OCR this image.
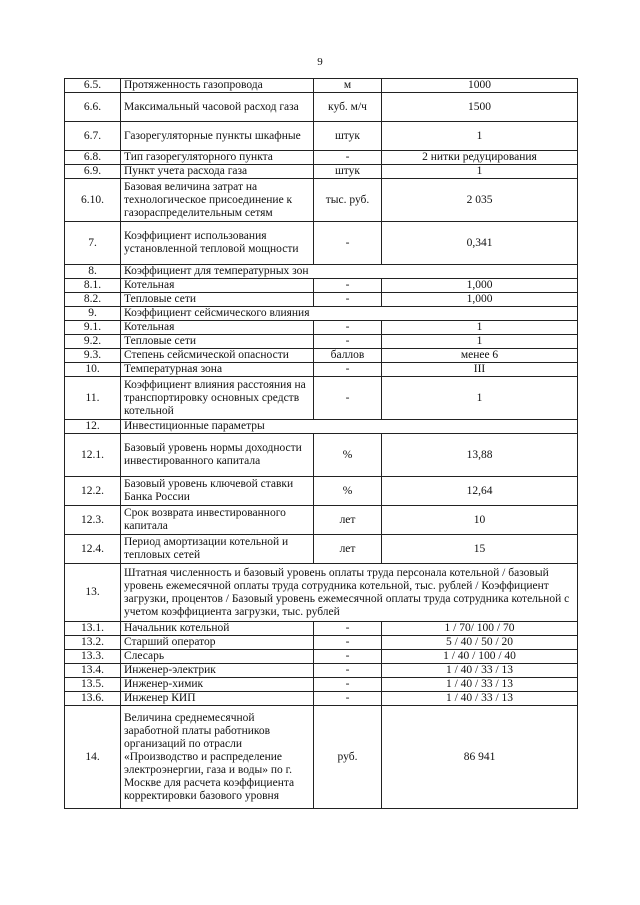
9
6.5.	Протяженность газопровода	м	1000
6.6.	Максимальный часовой расход газа	куб. м/ч	1500
6.7.	Газорегуляторные пункты шкафные	штук	1
6.8.	Тип газорегуляторного пункта	-	2 нитки редуцирования
6.9.	Пункт учета расхода газа	штук	1
6.10.	Базовая величина затрат на технологическое присоединение к газораспределительным сетям	тыс. руб.	2 035
7.	Коэффициент использования установленной тепловой мощности	-	0,341
8.	Коэффициент для температурных зон		
8.1.	Котельная	-	1,000
8.2.	Тепловые сети	-	1,000
9.	Коэффициент сейсмического влияния		
9.1.	Котельная	-	1
9.2.	Тепловые сети	-	1
9.3.	Степень сейсмической опасности	баллов	менее 6
10.	Температурная зона	-	III
11.	Коэффициент влияния расстояния на транспортировку основных средств котельной	-	1
12.	Инвестиционные параметры		
12.1.	Базовый уровень нормы доходности инвестированного капитала	%	13,88
12.2.	Базовый уровень ключевой ставки Банка России	%	12,64
12.3.	Срок возврата инвестированного капитала	лет	10
12.4.	Период амортизации котельной и тепловых сетей	лет	15
13.	Штатная численность и базовый уровень оплаты труда персонала котельной / базовый уровень ежемесячной оплаты труда сотрудника котельной, тыс. рублей / Коэффициент загрузки, процентов / Базовый уровень ежемесячной оплаты труда сотрудника котельной с учетом коэффициента загрузки, тыс. рублей		
13.1.	Начальник котельной	-	1 / 70/ 100 / 70
13.2.	Старший оператор	-	5 / 40 / 50 / 20
13.3.	Слесарь	-	1 / 40 / 100 / 40
13.4.	Инженер-электрик	-	1 / 40 / 33 / 13
13.5.	Инженер-химик	-	1 / 40 / 33 / 13
13.6.	Инженер КИП	-	1 / 40 / 33 / 13
14.	Величина среднемесячной заработной платы работников организаций по отрасли «Производство и распределение электроэнергии, газа и воды» по г. Москве для расчета коэффициента корректировки базового уровня	руб.	86 941
